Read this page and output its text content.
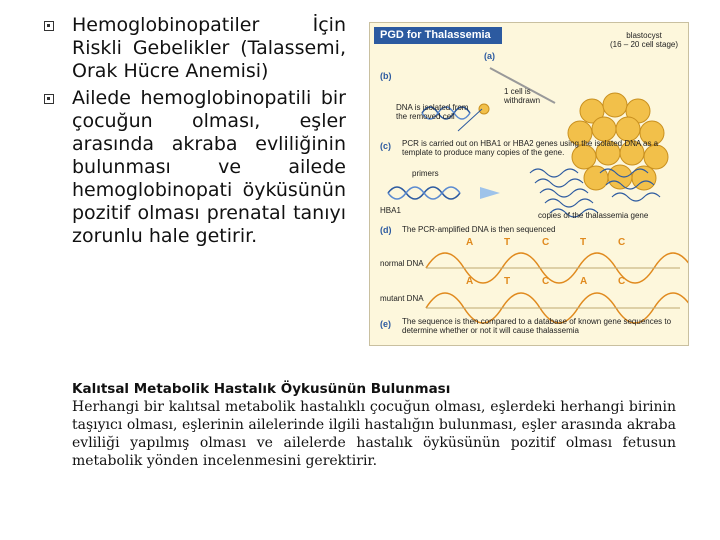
Hemoglobinopatiler İçin Riskli Gebelikler (Talassemi, Orak Hücre Anemisi)
Ailede hemoglobinopatili bir çocuğun olması, eşler arasında akraba evliliğinin bulunması ve ailede hemoglobinopati öyküsünün pozitif olması prenatal tanıyı zorunlu hale getirir.
PGD for Thalassemia	blastocyst
(16 – 20 cell stage)
(a)
(b)
1 cell is
withdrawn
DNA is isolated from
the removed cell
(c) PCR is carried out on HBA1 or HBA2 genes using the isolated DNA as a template to produce many copies of the gene.
primers
HBA1
copies of the thalassemia gene
(d) The PCR-amplified DNA is then sequenced
normal DNA
mutant DNA
A	T	C	T	C
A	T	C	A	C
(e) The sequence is then compared to a database of known gene sequences to determine whether or not it will cause thalassemia
Kalıtsal Metabolik Hastalık Öykusünün Bulunması
Herhangi bir kalıtsal metabolik hastalıklı çocuğun olması, eşlerdeki herhangi birinin taşıyıcı olması, eşlerinin ailelerinde ilgili hastalığın bulunması, eşler arasında akraba evliliği yapılmış olması ve ailelerde hastalık öyküsünün pozitif olması fetusun metabolik yönden incelenmesini gerektirir.
